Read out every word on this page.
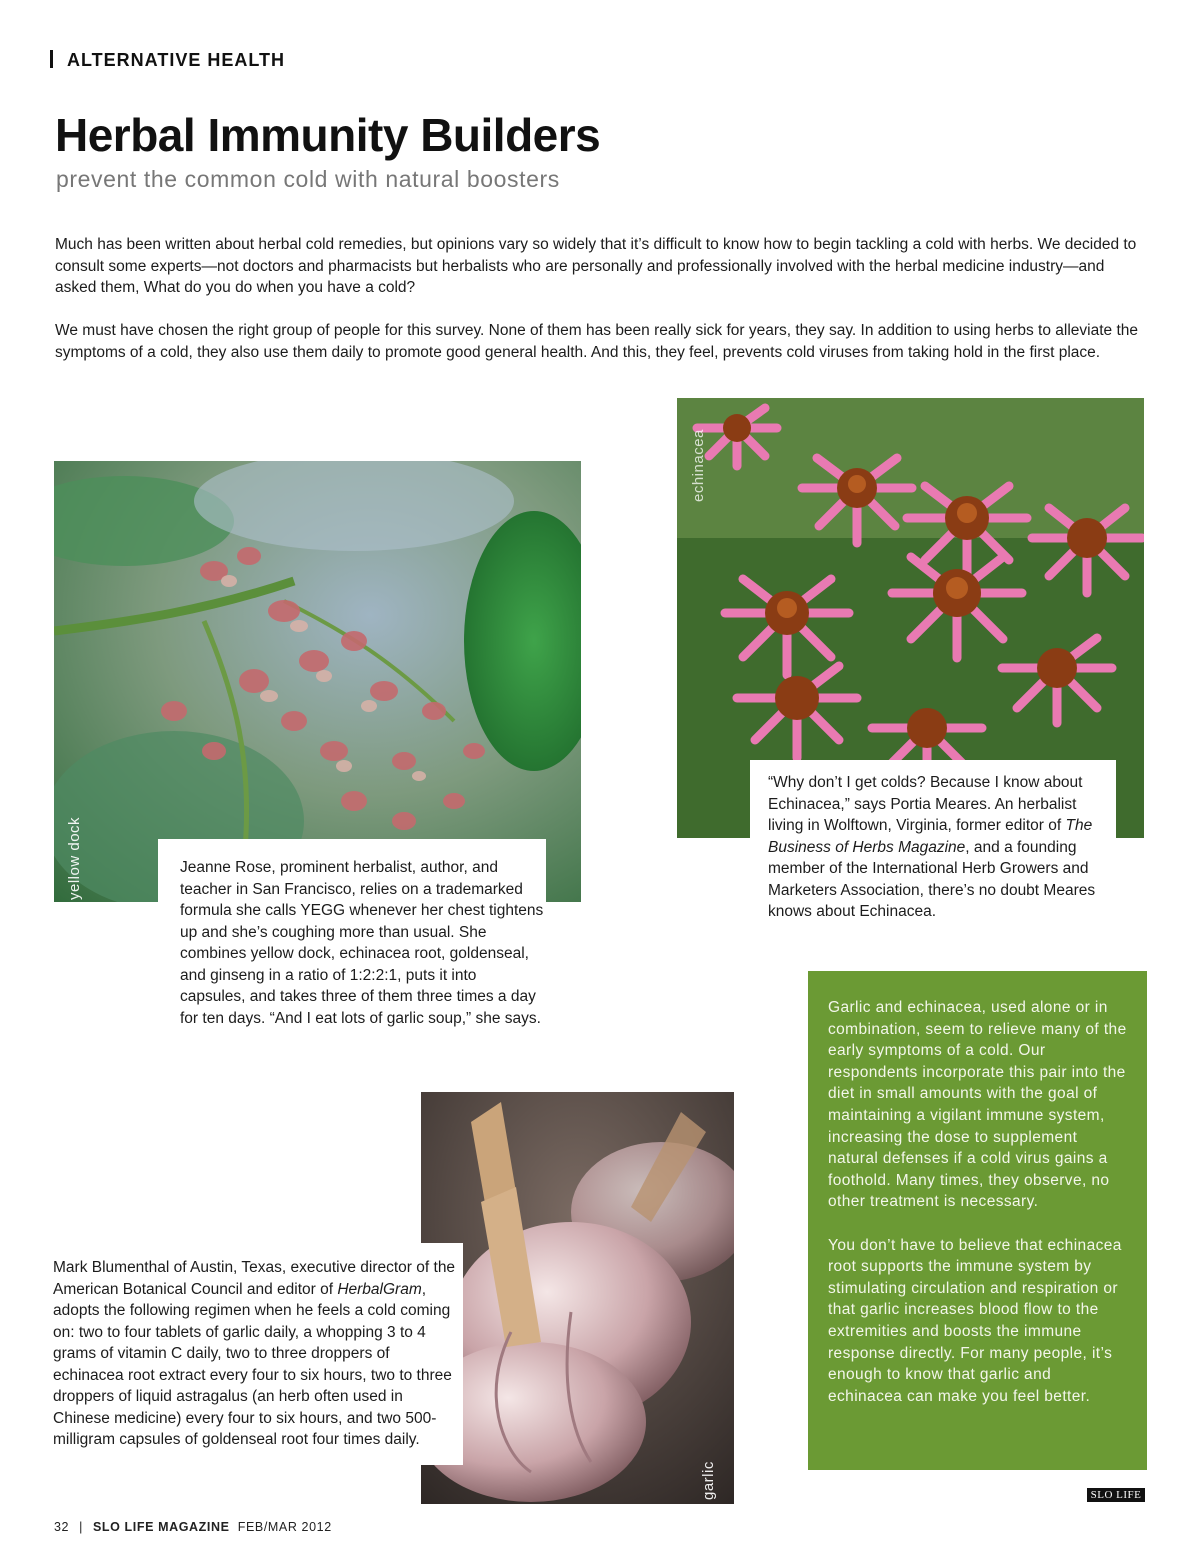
ALTERNATIVE HEALTH
Herbal Immunity Builders
prevent the common cold with natural boosters

Much has been written about herbal cold remedies, but opinions vary so widely that it’s difficult to know how to begin tackling a cold with herbs. We decided to consult some experts—not doctors and pharmacists but herbalists who are personally and professionally involved with the herbal medicine industry—and asked them, What do you do when you have a cold?

We must have chosen the right group of people for this survey. None of them has been really sick for years, they say. In addition to using herbs to alleviate the symptoms of a cold, they also use them daily to promote good general health. And this, they feel, prevents cold viruses from taking hold in the first place.

yellow dock
echinacea
garlic
Jeanne Rose, prominent herbalist, author, and teacher in San Francisco, relies on a trademarked formula she calls YEGG whenever her chest tightens up and she’s coughing more than usual. She combines yellow dock, echinacea root, goldenseal, and ginseng in a ratio of 1:2:2:1, puts it into capsules, and takes three of them three times a day for ten days. “And I eat lots of garlic soup,” she says.
“Why don’t I get colds? Because I know about Echinacea,” says Portia Meares. An herbalist living in Wolftown, Virginia, former editor of The Business of Herbs Magazine, and a founding member of the International Herb Growers and Marketers Association, there’s no doubt Meares knows about Echinacea.
Mark Blumenthal of Austin, Texas, executive director of the American Botanical Council and editor of HerbalGram, adopts the following regimen when he feels a cold coming on: two to four tablets of garlic daily, a whopping 3 to 4 grams of vitamin C daily, two to three droppers of echinacea root extract every four to six hours, two to three droppers of liquid astragalus (an herb often used in Chinese medicine) every four to six hours, and two 500-milligram capsules of goldenseal root four times daily.

Garlic and echinacea, used alone or in combination, seem to relieve many of the early symptoms of a cold. Our respondents incorporate this pair into the diet in small amounts with the goal of maintaining a vigilant immune system, increasing the dose to supplement natural defenses if a cold virus gains a foothold. Many times, they observe, no other treatment is necessary.

You don’t have to believe that echinacea root supports the immune system by stimulating circulation and respiration or that garlic increases blood flow to the extremities and boosts the immune response directly. For many people, it’s enough to know that garlic and echinacea can make you feel better.

SLO LIFE
32 | SLO LIFE MAGAZINE FEB/MAR 2012
